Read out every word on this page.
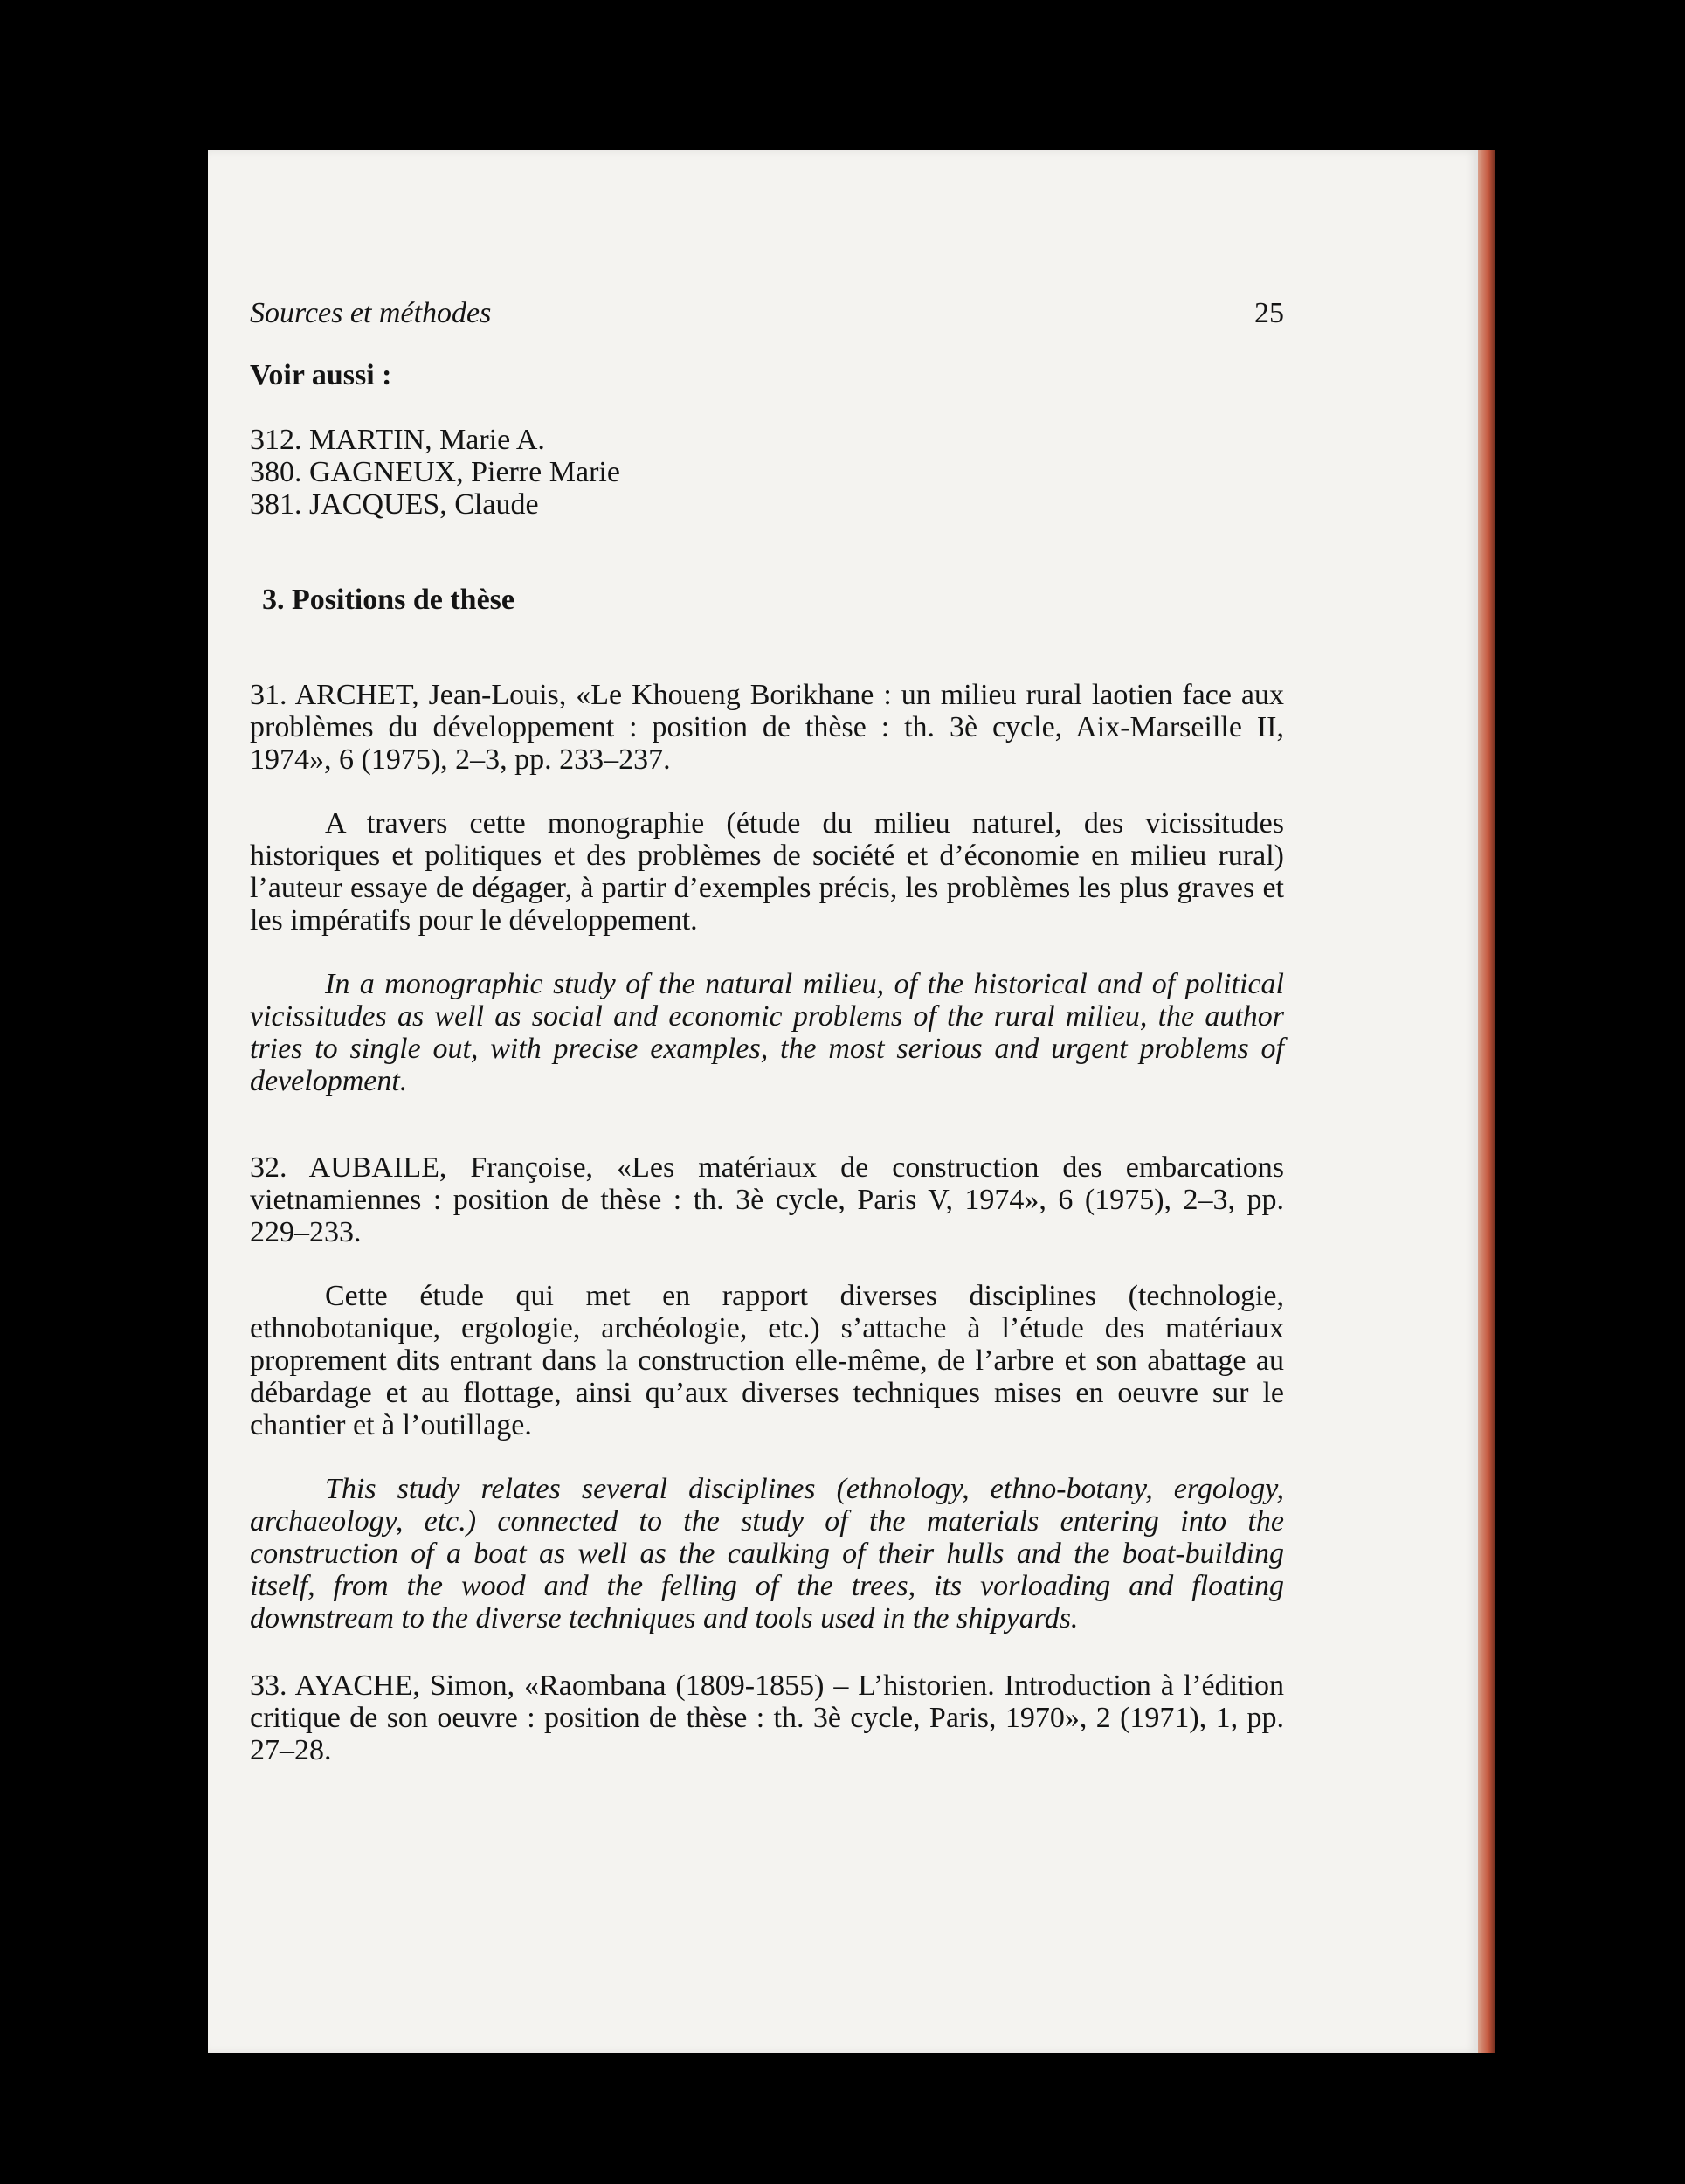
Sources et méthodes	25
Voir aussi :
312. MARTIN, Marie A.
380. GAGNEUX, Pierre Marie
381. JACQUES, Claude
3. Positions de thèse

31. ARCHET, Jean-Louis, «Le Khoueng Borikhane : un milieu rural laotien face aux problèmes du développement : position de thèse : th. 3è cycle, Aix-Marseille II, 1974», 6 (1975), 2–3, pp. 233–237.

A travers cette monographie (étude du milieu naturel, des vicissitudes historiques et politiques et des problèmes de société et d’économie en milieu rural) l’auteur essaye de dégager, à partir d’exemples précis, les problèmes les plus graves et les impératifs pour le développement.

In a monographic study of the natural milieu, of the historical and of political vicissitudes as well as social and economic problems of the rural milieu, the author tries to single out, with precise examples, the most serious and urgent problems of development.

32. AUBAILE, Françoise, «Les matériaux de construction des embarcations vietnamiennes : position de thèse : th. 3è cycle, Paris V, 1974», 6 (1975), 2–3, pp. 229–233.

Cette étude qui met en rapport diverses disciplines (technologie, ethnobotanique, ergologie, archéologie, etc.) s’attache à l’étude des matériaux proprement dits entrant dans la construction elle-même, de l’arbre et son abattage au débardage et au flottage, ainsi qu’aux diverses techniques mises en oeuvre sur le chantier et à l’outillage.

This study relates several disciplines (ethnology, ethno-botany, ergology, archaeology, etc.) connected to the study of the materials entering into the construction of a boat as well as the caulking of their hulls and the boat-building itself, from the wood and the felling of the trees, its vorloading and floating downstream to the diverse techniques and tools used in the shipyards.

33. AYACHE, Simon, «Raombana (1809-1855) – L’historien. Introduction à l’édition critique de son oeuvre : position de thèse : th. 3è cycle, Paris, 1970», 2 (1971), 1, pp. 27–28.
